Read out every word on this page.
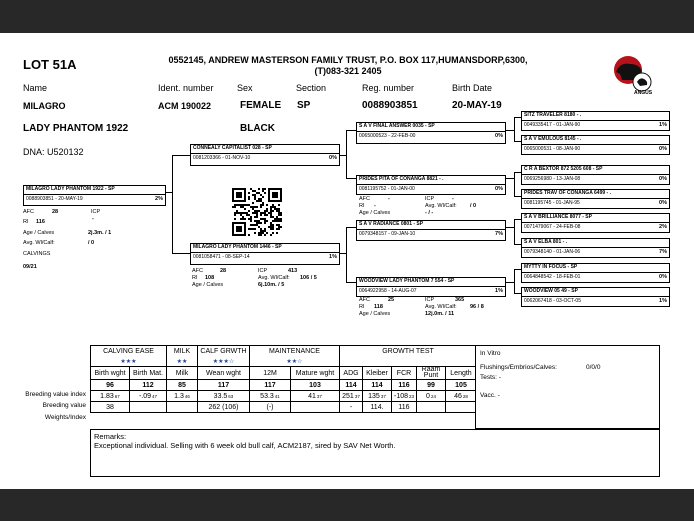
LOT 51A	0552145, ANDREW MASTERSON FAMILY TRUST, P.O. BOX 117,HUMANSDORP,6300,
(T)083-321 2405
ANGUS
Name	Ident. number	Sex	Section	Reg. number	Birth Date
MILAGRO	ACM 190022	FEMALE SP	0088903851	20-MAY-19
LADY PHANTOM 1922	BLACK
DNA: U520132
MILAGRO LADY PHANTOM 1922 - SP
0088903851 - 20-MAY-19	2%
AFC	28	ICP
-
RI 116
Age / Calves	2j.3m. / 1
Avg. Wl/Calf:	/ 0
CALVINGS
09/21
CONNEALY CAPITALIST 028 - SP
0081203366 - 01-NOV-10	0%
MILAGRO LADY PHANTOM 1446 - SP
0081058471 - 08-SEP-14	1%
AFC	28	ICP	413
RI 108	Avg. Wl/Calf: 106 / 5
Age / Calves	6j.10m. / 5
S A V FINAL ANSWER 0035 - SP
0065000523 - 22-FEB-00	0%
PRIDES PITA OF CONANGA 8821 - .
0081195752 - 01-JAN-00	0%
AFC	-	ICP	-
RI -	Avg. Wl/Calf: / 0
Age / Calves	- / -
S A V RADIANCE 0801 - SP
0079348157 - 09-JAN-10	7%
WOODVIEW LADY PHANTOM 7 554 - SP
0064922958 - 14-AUG-07	1%
AFC	25	ICP	365
RI 118	Avg. Wl/Calf: 96 / 8
Age / Calves	12j.0m. / 11
SITZ TRAVELER 8180 - .
0049335417 - 01-JAN-90	1%
S A V EMULOUS 8145 - .
0065000531 - 08-JAN-90	0%
C R A BEXTOR 872 5205 608 - SP
0069256980 - 13-JAN-08	0%
PRIDES TRAV OF CONANGA 6499 - .
0081195745 - 01-JAN-95	0%
S A V BRILLIANCE 8077 - SP
0071479067 - 24-FEB-08	2%
S A V ELBA 801 - .
0079348140 - 01-JAN-06	7%
MYTTY IN FOCUS - SP
0064848542 - 18-FEB-01	0%
WOODVIEW 05 49 - SP
0062067418 - 03-OCT-05	1%
Breeding value index
Breeding value
Weights/Index
CALVING EASE		MILK	CALF GRWTH	MAINTENANCE		GROWTH TEST				
★★★		★★	★★★☆	★★☆						
Birth wght	Birth Mat.	Milk	Wean wght	12M	Mature wght	ADG	Kleiber	FCR	Raam Punt	Length
96	112	85	117	117	103	114	114	116	99	105
1.8367	-.0947	1.346	33.563	53.341	4137	25137	13537	-10823	024	4628
38			262 (106)	(-)		-	114.	116		
In Vitro
Flushings/Embrios/Calves:	0/0/0
Tests: -
Vacc. -
Remarks:
Exceptional individual. Selling with 6 week old bull calf, ACM2187, sired by SAV Net Worth.
